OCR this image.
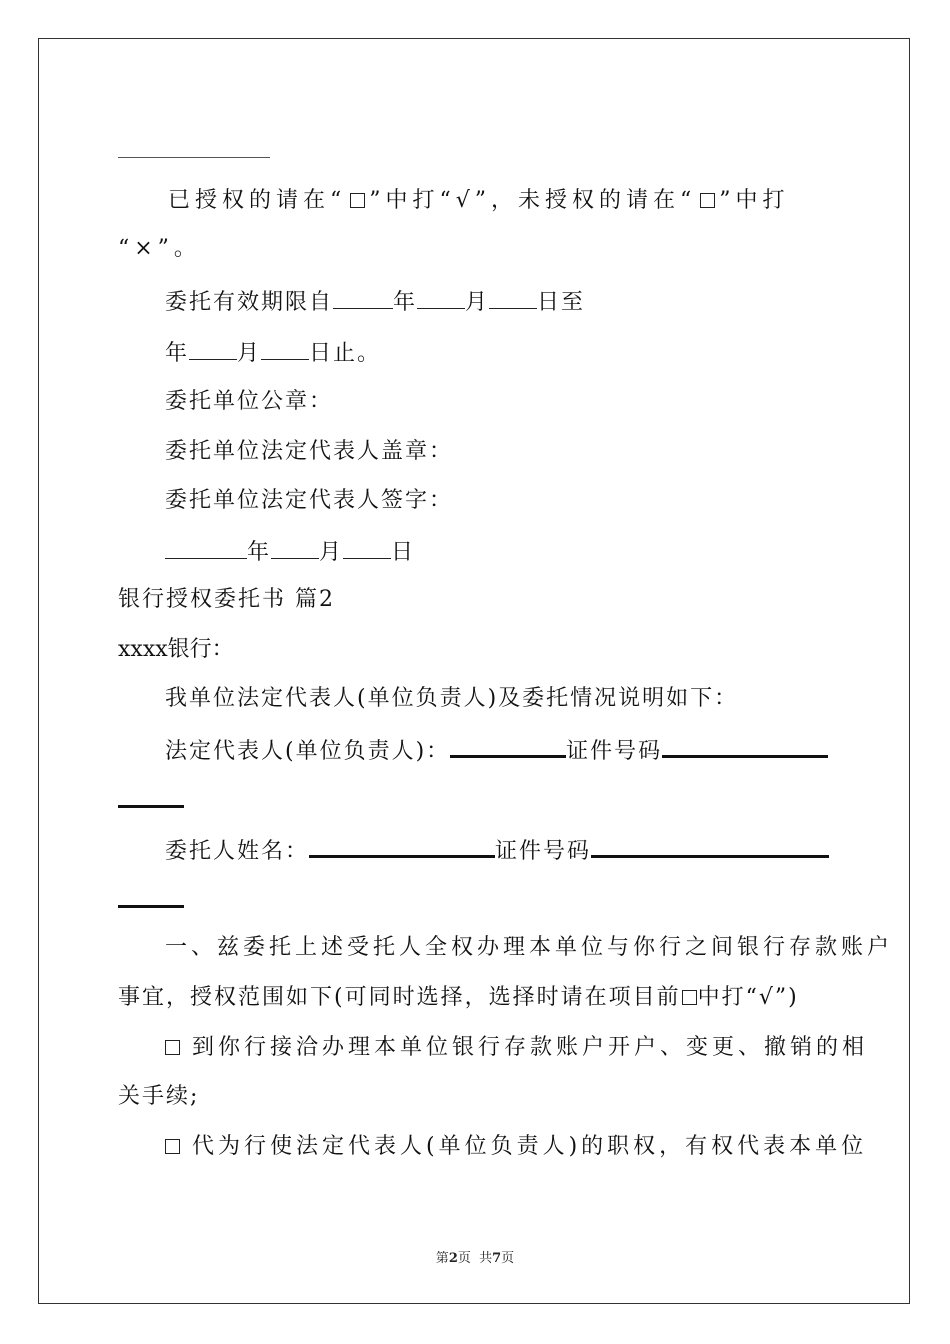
已授权的请在“ ”中打“√”，未授权的请在“ ”中打
“×”。
委托有效期限自	年 月 日至
年 月 日止。
委托单位公章：
委托单位法定代表人盖章：
委托单位法定代表人签字：
年 月 日
银行授权委托书 篇2
xxxx银行：
我单位法定代表人(单位负责人)及委托情况说明如下：
法定代表人(单位负责人)：	证件号码
委托人姓名：	证件号码
一、兹委托上述受托人全权办理本单位与你行之间银行存款账户
事宜，授权范围如下(可同时选择，选择时请在项目前 中打“√”)
到你行接洽办理本单位银行存款账户开户、变更、撤销的相
关手续;
代为行使法定代表人(单位负责人)的职权，有权代表本单位
第2页  共7页
